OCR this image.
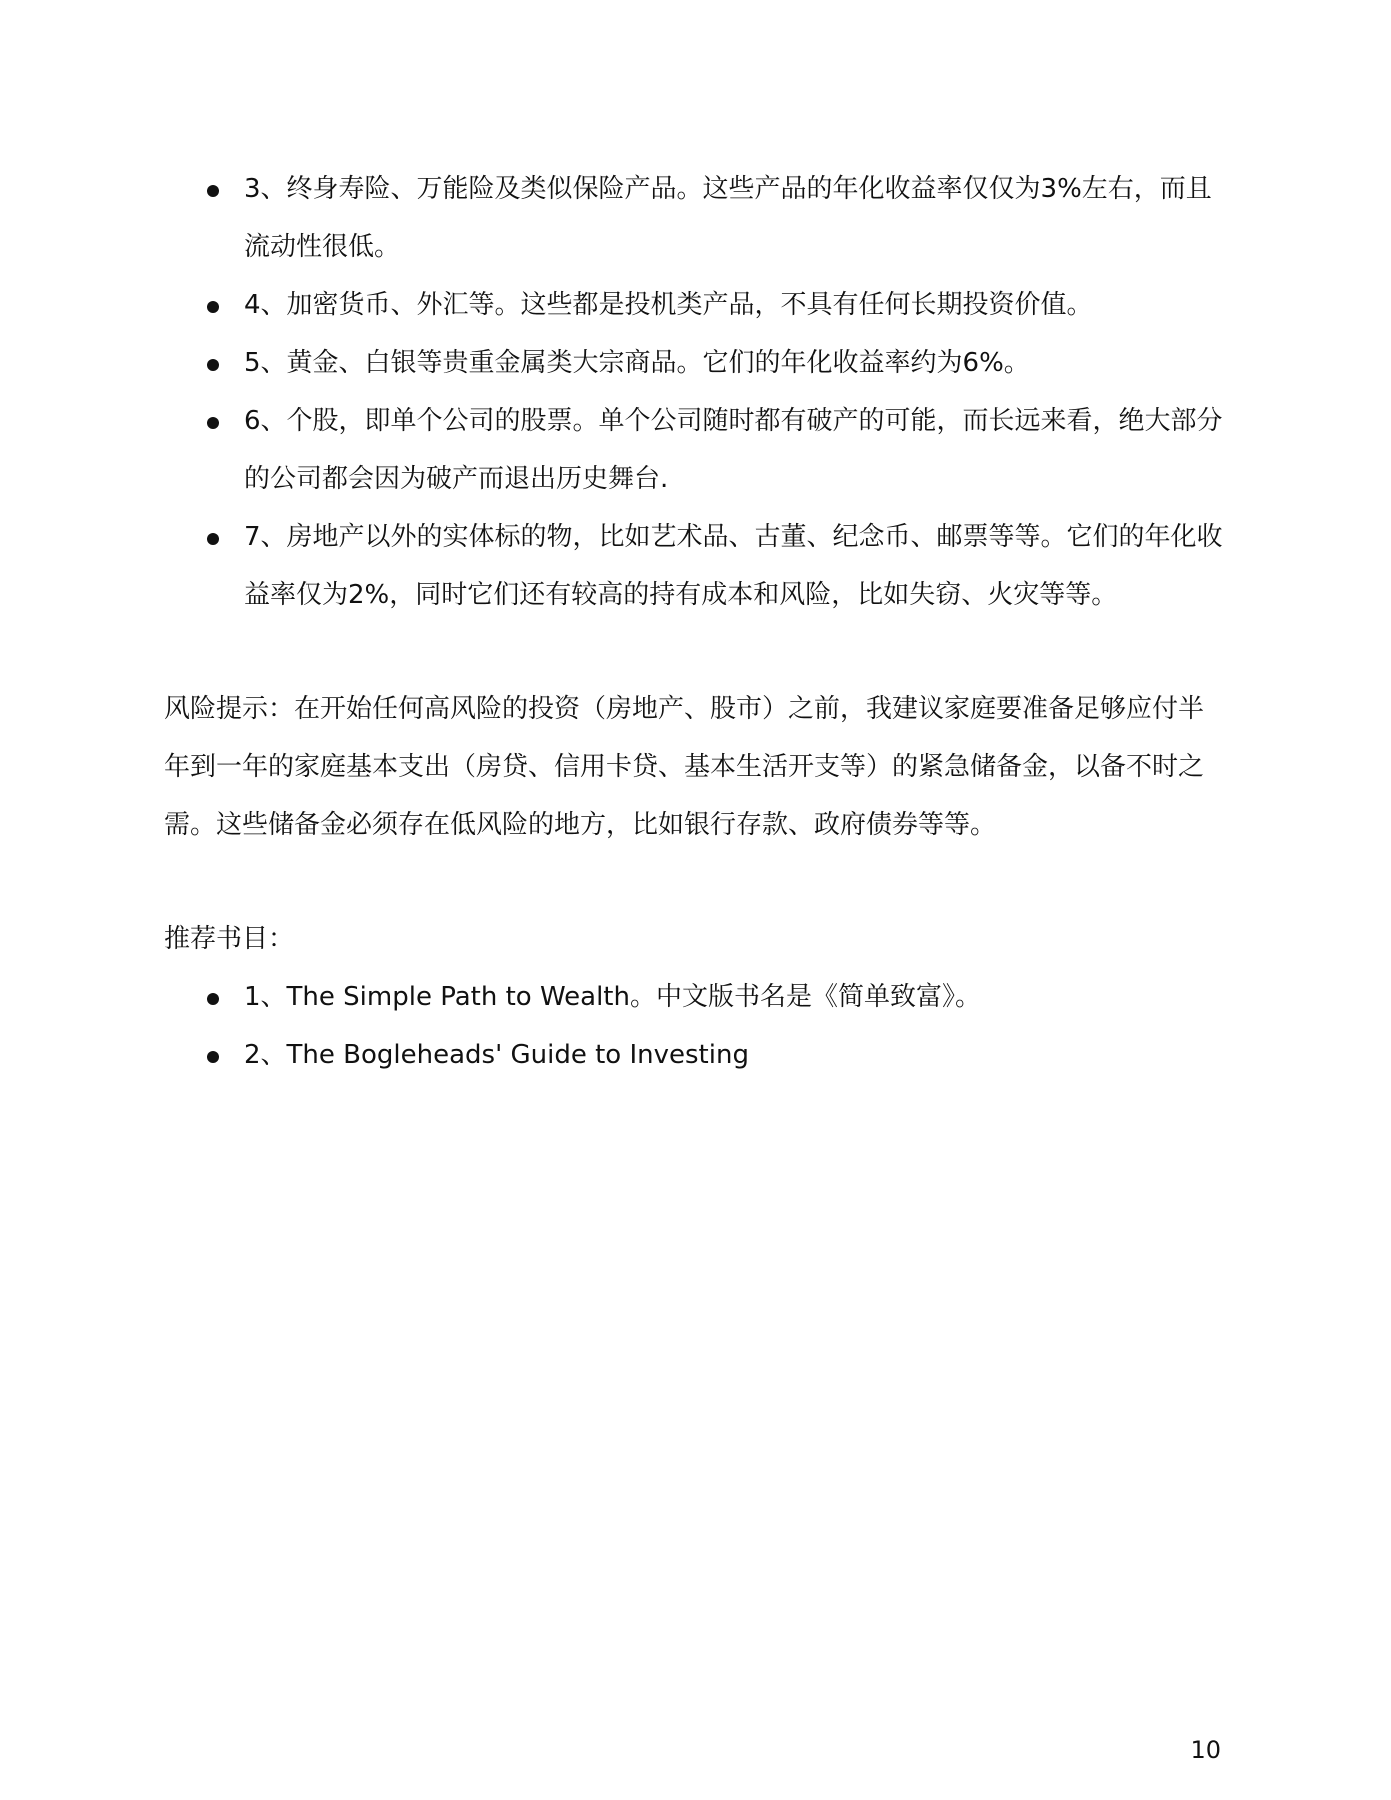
3、终身寿险、万能险及类似保险产品。这些产品的年化收益率仅仅为3%左右，而且流动性很低。
4、加密货币、外汇等。这些都是投机类产品，不具有任何长期投资价值。
5、黄金、白银等贵重金属类大宗商品。它们的年化收益率约为6%。
6、个股，即单个公司的股票。单个公司随时都有破产的可能，而长远来看，绝大部分的公司都会因为破产而退出历史舞台.
7、房地产以外的实体标的物，比如艺术品、古董、纪念币、邮票等等。它们的年化收益率仅为2%，同时它们还有较高的持有成本和风险，比如失窃、火灾等等。

风险提示：在开始任何高风险的投资（房地产、股市）之前，我建议家庭要准备足够应付半年到一年的家庭基本支出（房贷、信用卡贷、基本生活开支等）的紧急储备金，以备不时之需。这些储备金必须存在低风险的地方，比如银行存款、政府债券等等。

推荐书目：

1、The Simple Path to Wealth。中文版书名是《简单致富》。
2、The Bogleheads' Guide to Investing
10
